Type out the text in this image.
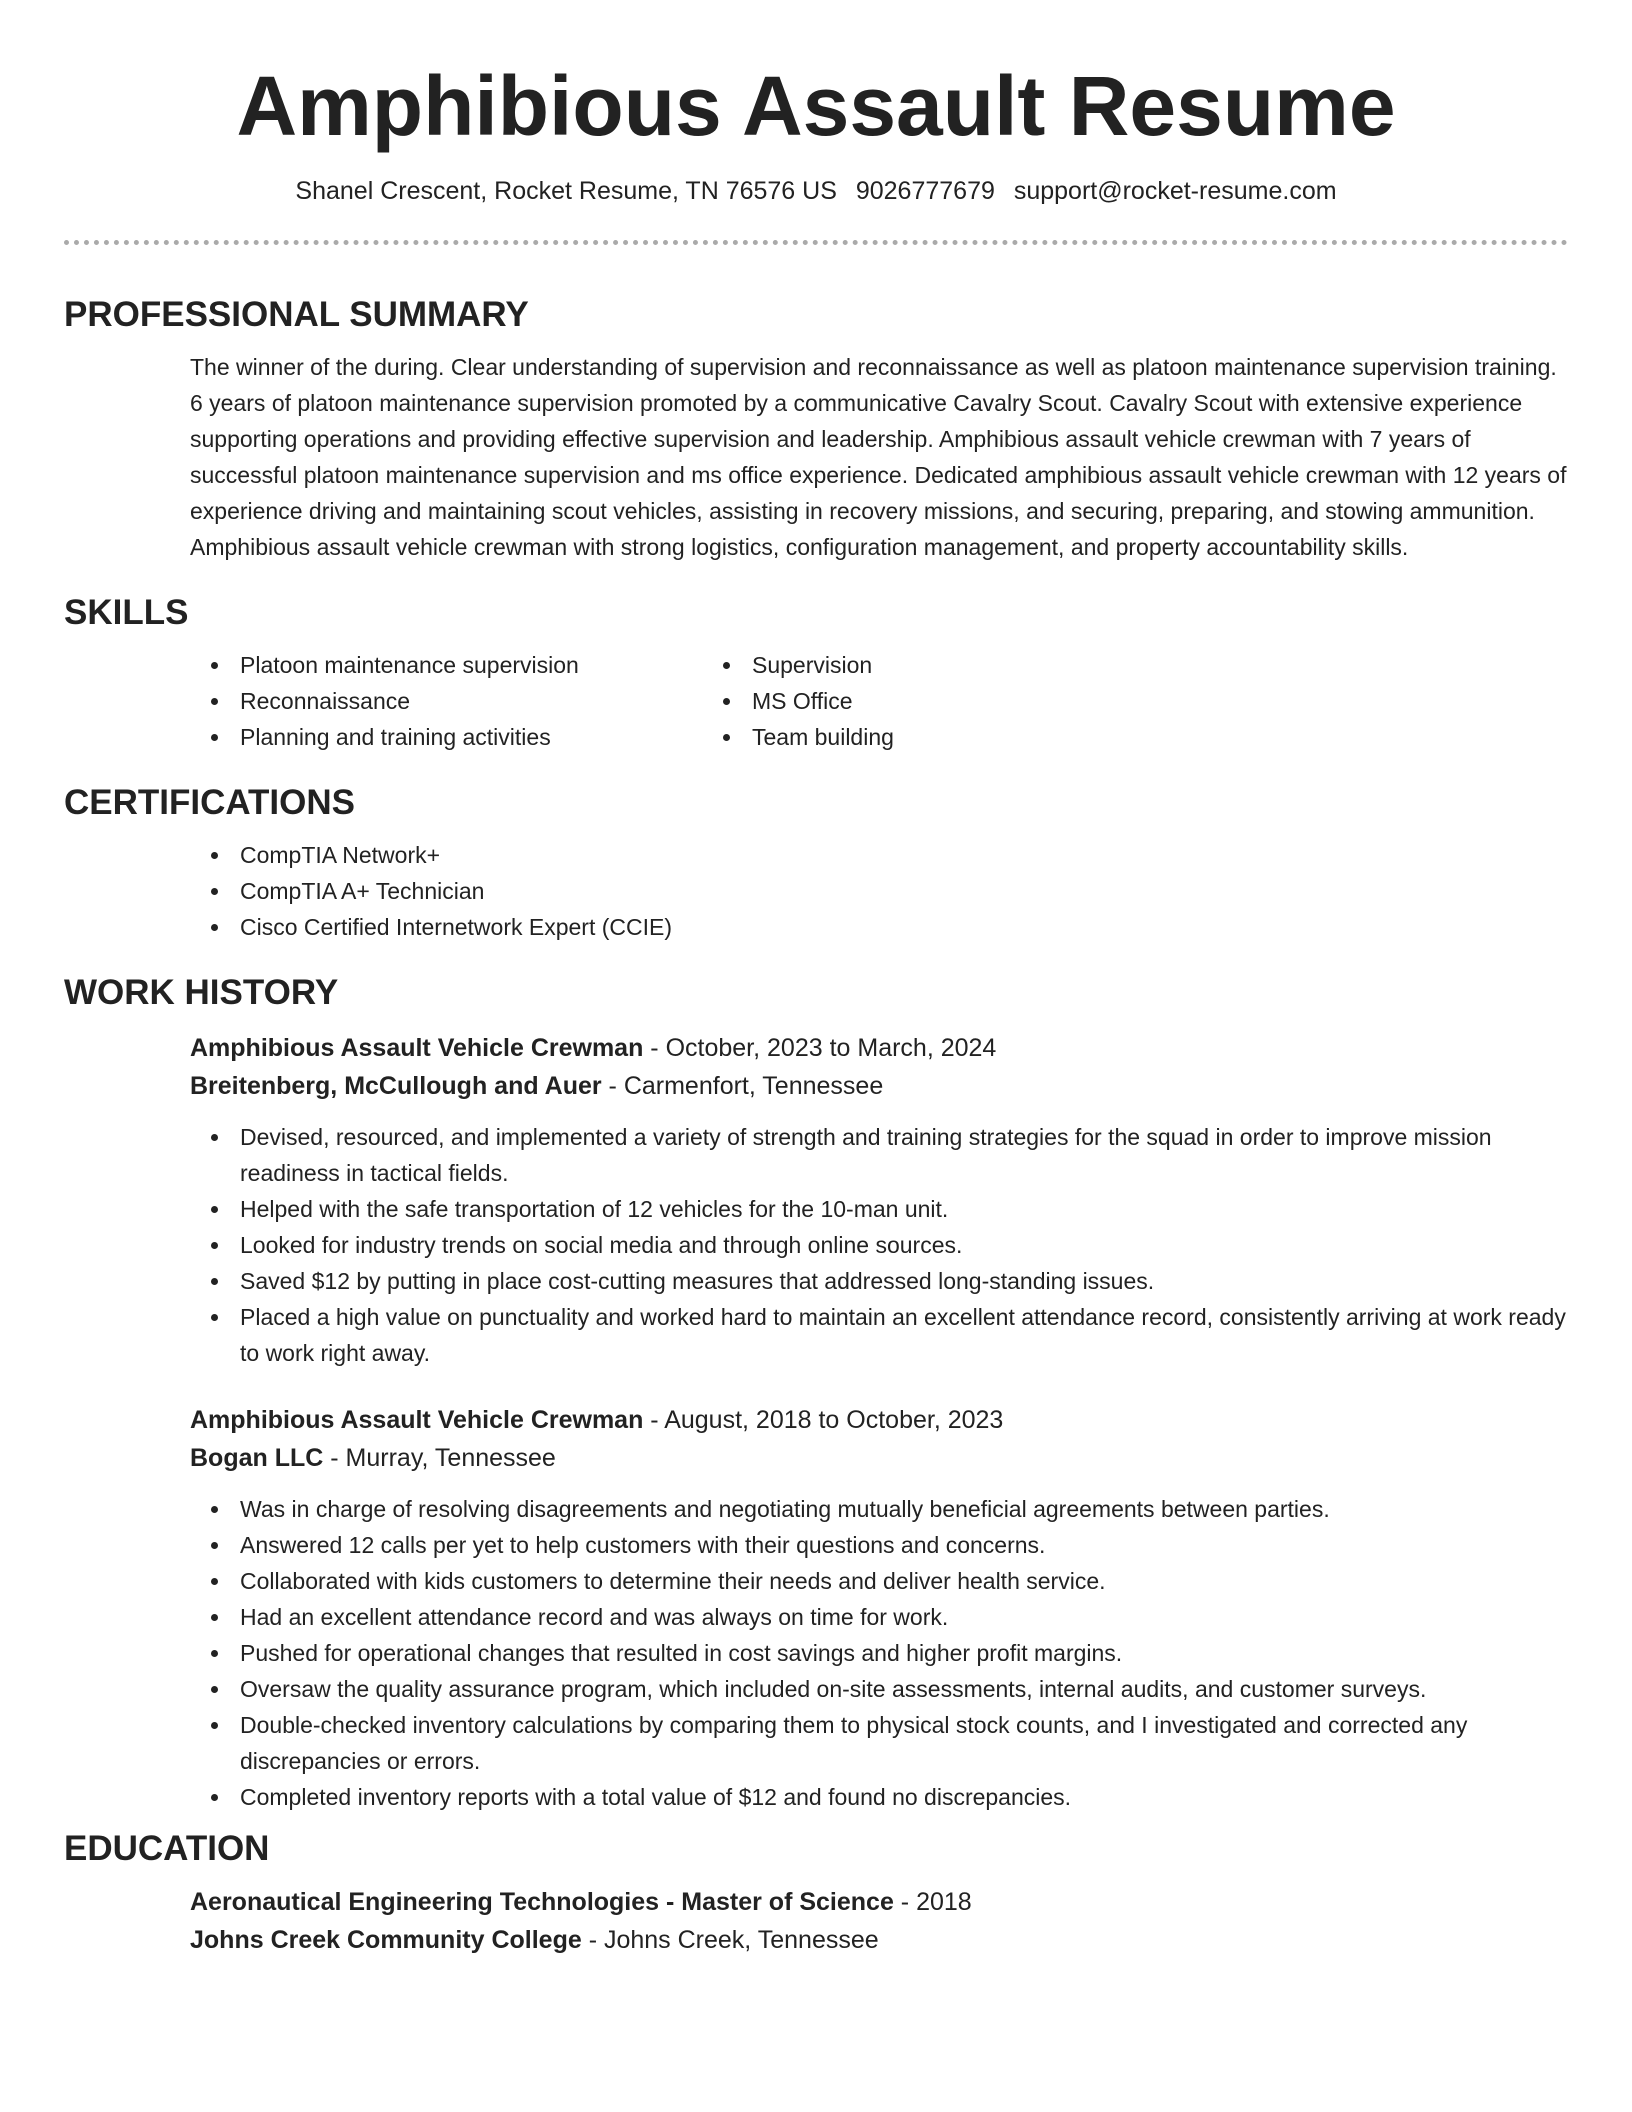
Amphibious Assault Resume
Shanel Crescent, Rocket Resume, TN 76576 US 9026777679 support@rocket-resume.com
PROFESSIONAL SUMMARY
The winner of the during. Clear understanding of supervision and reconnaissance as well as platoon maintenance supervision training. 6 years of platoon maintenance supervision promoted by a communicative Cavalry Scout. Cavalry Scout with extensive experience supporting operations and providing effective supervision and leadership. Amphibious assault vehicle crewman with 7 years of successful platoon maintenance supervision and ms office experience. Dedicated amphibious assault vehicle crewman with 12 years of experience driving and maintaining scout vehicles, assisting in recovery missions, and securing, preparing, and stowing ammunition. Amphibious assault vehicle crewman with strong logistics, configuration management, and property accountability skills.
SKILLS
• Platoon maintenance supervision
• Reconnaissance
• Planning and training activities
• Supervision
• MS Office
• Team building
CERTIFICATIONS
• CompTIA Network+
• CompTIA A+ Technician
• Cisco Certified Internetwork Expert (CCIE)
WORK HISTORY
Amphibious Assault Vehicle Crewman - October, 2023 to March, 2024
Breitenberg, McCullough and Auer - Carmenfort, Tennessee
• Devised, resourced, and implemented a variety of strength and training strategies for the squad in order to improve mission readiness in tactical fields.
• Helped with the safe transportation of 12 vehicles for the 10-man unit.
• Looked for industry trends on social media and through online sources.
• Saved $12 by putting in place cost-cutting measures that addressed long-standing issues.
• Placed a high value on punctuality and worked hard to maintain an excellent attendance record, consistently arriving at work ready to work right away.
Amphibious Assault Vehicle Crewman - August, 2018 to October, 2023
Bogan LLC - Murray, Tennessee
• Was in charge of resolving disagreements and negotiating mutually beneficial agreements between parties.
• Answered 12 calls per yet to help customers with their questions and concerns.
• Collaborated with kids customers to determine their needs and deliver health service.
• Had an excellent attendance record and was always on time for work.
• Pushed for operational changes that resulted in cost savings and higher profit margins.
• Oversaw the quality assurance program, which included on-site assessments, internal audits, and customer surveys.
• Double-checked inventory calculations by comparing them to physical stock counts, and I investigated and corrected any discrepancies or errors.
• Completed inventory reports with a total value of $12 and found no discrepancies.
EDUCATION
Aeronautical Engineering Technologies - Master of Science - 2018
Johns Creek Community College - Johns Creek, Tennessee
